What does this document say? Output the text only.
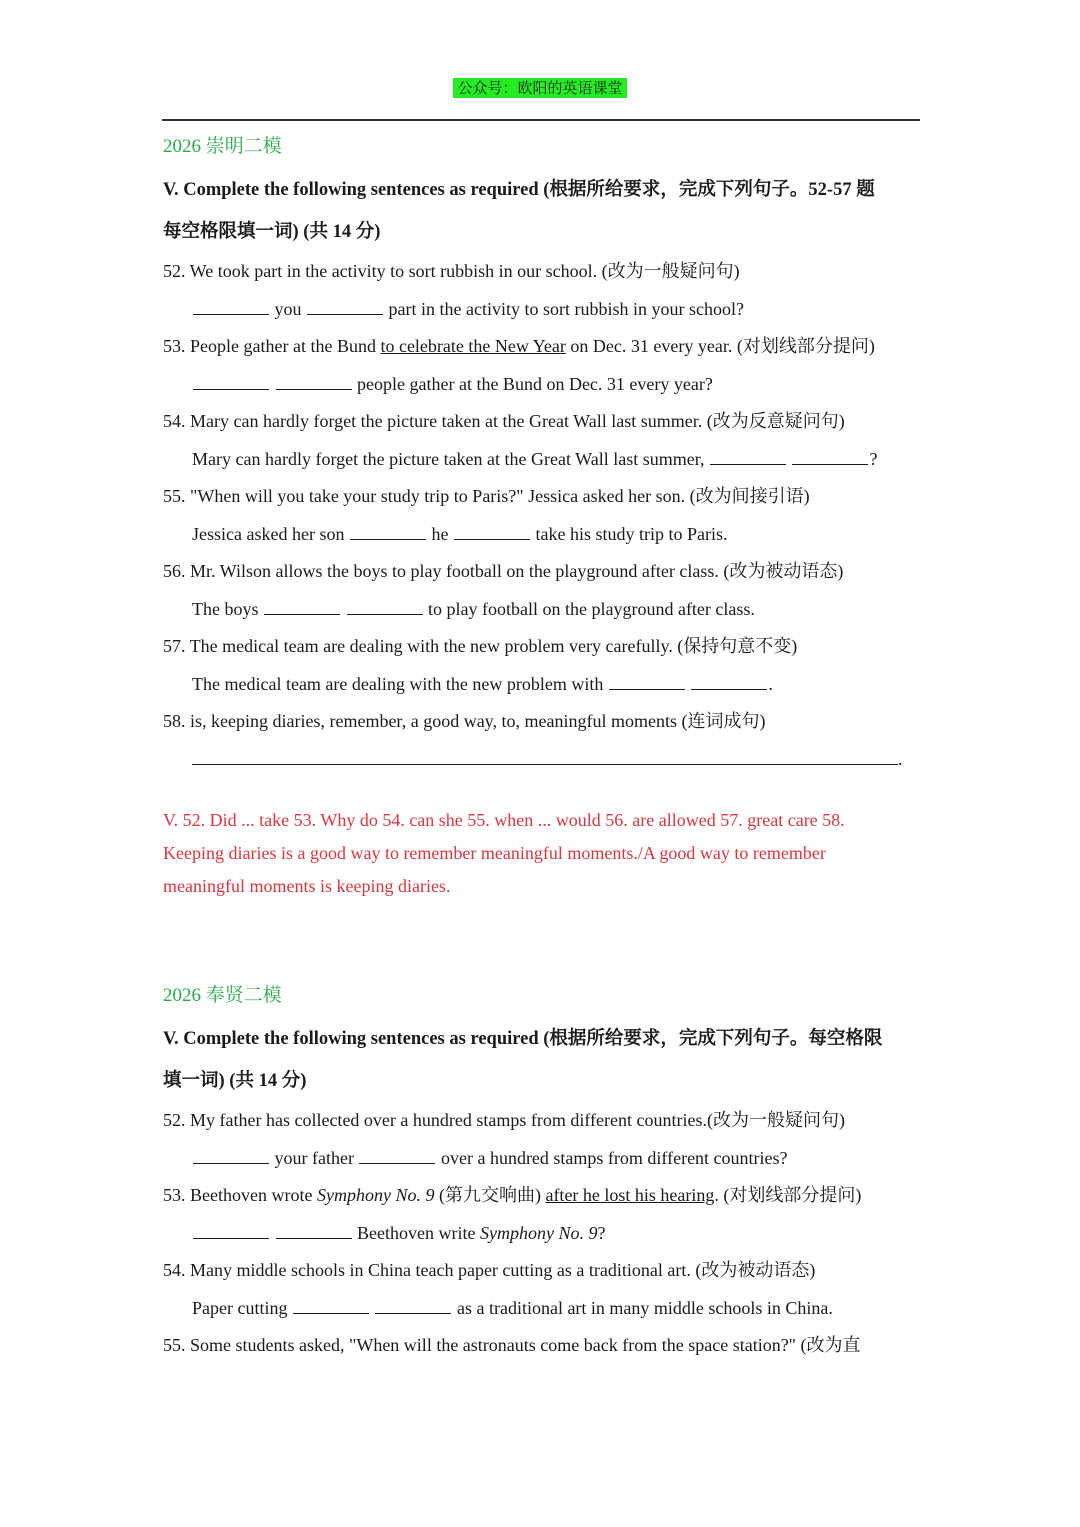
公众号：欧阳的英语课堂
2026 崇明二模
V. Complete the following sentences as required (根据所给要求，完成下列句子。52-57 题
每空格限填一词) (共 14 分)
52. We took part in the activity to sort rubbish in our school. (改为一般疑问句)
you	part in the activity to sort rubbish in your school?
53. People gather at the Bund to celebrate the New Year on Dec. 31 every year. (对划线部分提问)
people gather at the Bund on Dec. 31 every year?
54. Mary can hardly forget the picture taken at the Great Wall last summer. (改为反意疑问句)
Mary can hardly forget the picture taken at the Great Wall last summer,	?
55. "When will you take your study trip to Paris?" Jessica asked her son. (改为间接引语)
Jessica asked her son	he	take his study trip to Paris.
56. Mr. Wilson allows the boys to play football on the playground after class. (改为被动语态)
The boys	to play football on the playground after class.
57. The medical team are dealing with the new problem very carefully. (保持句意不变)
The medical team are dealing with the new problem with	.
58. is, keeping diaries, remember, a good way, to, meaningful moments (连词成句)
.
V. 52. Did ... take 53. Why do 54. can she 55. when ... would 56. are allowed 57. great care 58. Keeping diaries is a good way to remember meaningful moments./A good way to remember meaningful moments is keeping diaries.
2026 奉贤二模
V. Complete the following sentences as required (根据所给要求，完成下列句子。每空格限
填一词) (共 14 分)
52. My father has collected over a hundred stamps from different countries.(改为一般疑问句)
your father	over a hundred stamps from different countries?
53. Beethoven wrote Symphony No. 9 (第九交响曲) after he lost his hearing. (对划线部分提问)
Beethoven write Symphony No. 9?
54. Many middle schools in China teach paper cutting as a traditional art. (改为被动语态)
Paper cutting	as a traditional art in many middle schools in China.
55. Some students asked, "When will the astronauts come back from the space station?" (改为直
